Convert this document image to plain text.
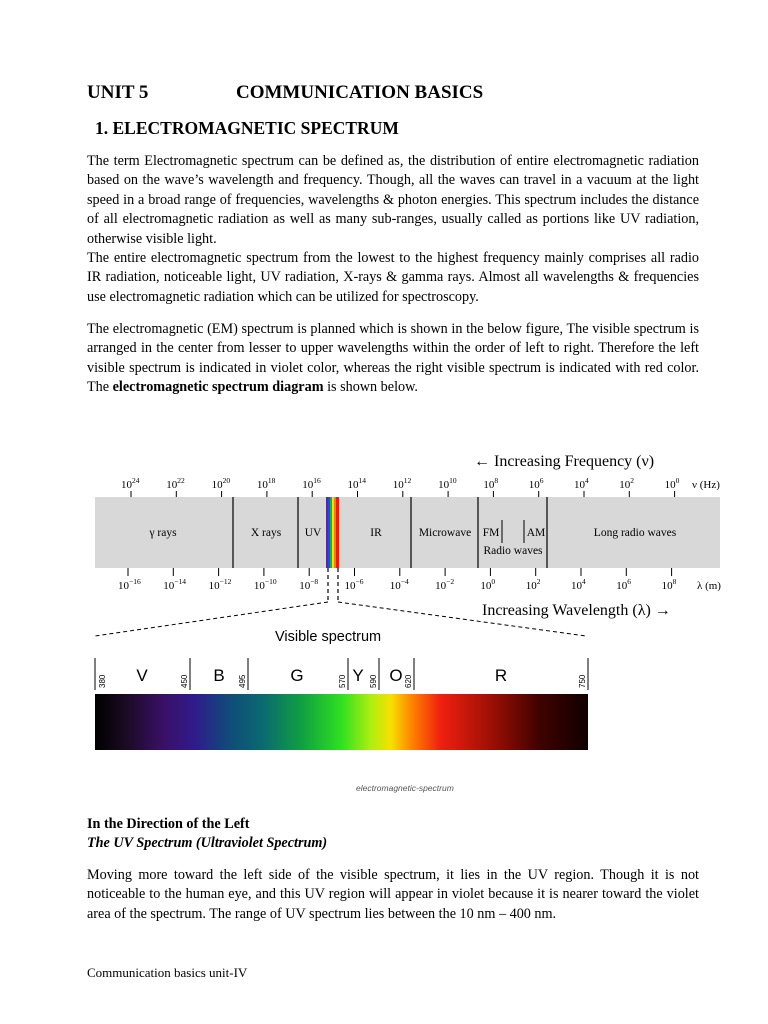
UNIT 5	COMMUNICATION BASICS
1. ELECTROMAGNETIC SPECTRUM
The term Electromagnetic spectrum can be defined as, the distribution of entire electromagnetic radiation based on the wave’s wavelength and frequency. Though, all the waves can travel in a vacuum at the light speed in a broad range of frequencies, wavelengths & photon energies. This spectrum includes the distance of all electromagnetic radiation as well as many sub-ranges, usually called as portions like UV radiation, otherwise visible light.
The entire electromagnetic spectrum from the lowest to the highest frequency mainly comprises all radio IR radiation, noticeable light, UV radiation, X-rays & gamma rays. Almost all wavelengths & frequencies use electromagnetic radiation which can be utilized for spectroscopy.

The electromagnetic (EM) spectrum is planned which is shown in the below figure, The visible spectrum is arranged in the center from lesser to upper wavelengths within the order of left to right. Therefore the left visible spectrum is indicated in violet color, whereas the right visible spectrum is indicated with red color. The electromagnetic spectrum diagram is shown below.

← Increasing Frequency (ν)
$10^{24}$ $10^{22}$ $10^{20}$ $10^{18}$ $10^{16}$ $10^{14}$ $10^{12}$ $10^{10}$ $10^8$	$10^6$	$10^4$	$10^2$	$10^0$ ν (Hz)
γ rays	X rays UV	IR	Microwave FM AM	Long radio waves
Radio waves
$10^{-16}$ $10^{-14}$ $10^{-12}$ $10^{-10}$ $10^{-8}$ $10^{-6}$ $10^{-4}$ $10^{-2}$ $10^0$	$10^2$	$10^4$	$10^6$	$10^8$ λ (m)
Increasing Wavelength (λ) →
Visible spectrum
380	450	495	570	590	620	750
V	B	G	Y O	R
electromagnetic-spectrum
In the Direction of the Left
The UV Spectrum (Ultraviolet Spectrum)

Moving more toward the left side of the visible spectrum, it lies in the UV region. Though it is not noticeable to the human eye, and this UV region will appear in violet because it is nearer toward the violet area of the spectrum. The range of UV spectrum lies between the 10 nm – 400 nm.

Communication basics unit-IV
